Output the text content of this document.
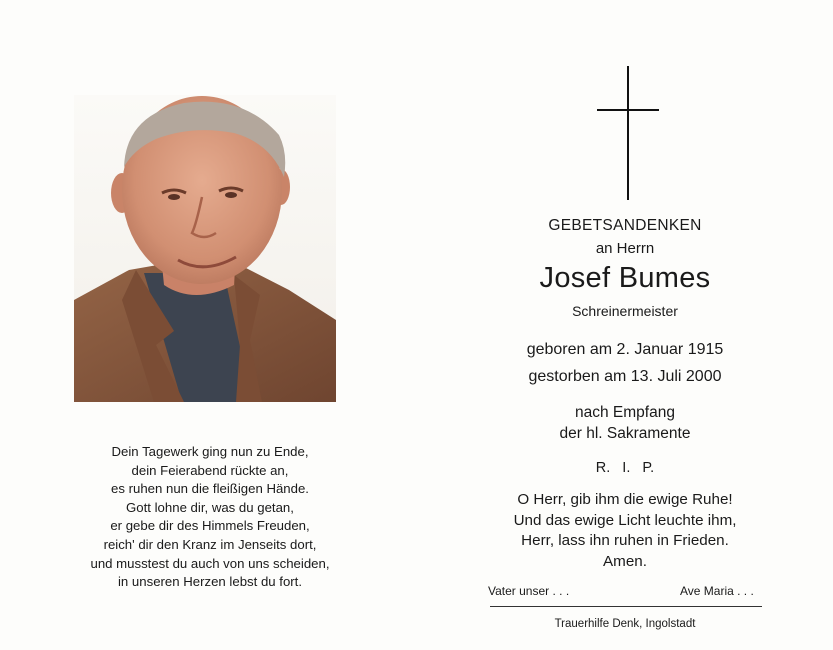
Dein Tagewerk ging nun zu Ende,
dein Feierabend rückte an,
es ruhen nun die fleißigen Hände.
Gott lohne dir, was du getan,
er gebe dir des Himmels Freuden,
reich' dir den Kranz im Jenseits dort,
und musstest du auch von uns scheiden,
in unseren Herzen lebst du fort.
GEBETSANDENKEN
an Herrn
Josef Bumes
Schreinermeister
geboren am 2. Januar 1915
gestorben am 13. Juli 2000
nach Empfang
der hl. Sakramente
R. I. P.
O Herr, gib ihm die ewige Ruhe!
Und das ewige Licht leuchte ihm,
Herr, lass ihn ruhen in Frieden.
Amen.
Vater unser . . .	Ave Maria . . .
Trauerhilfe Denk, Ingolstadt
